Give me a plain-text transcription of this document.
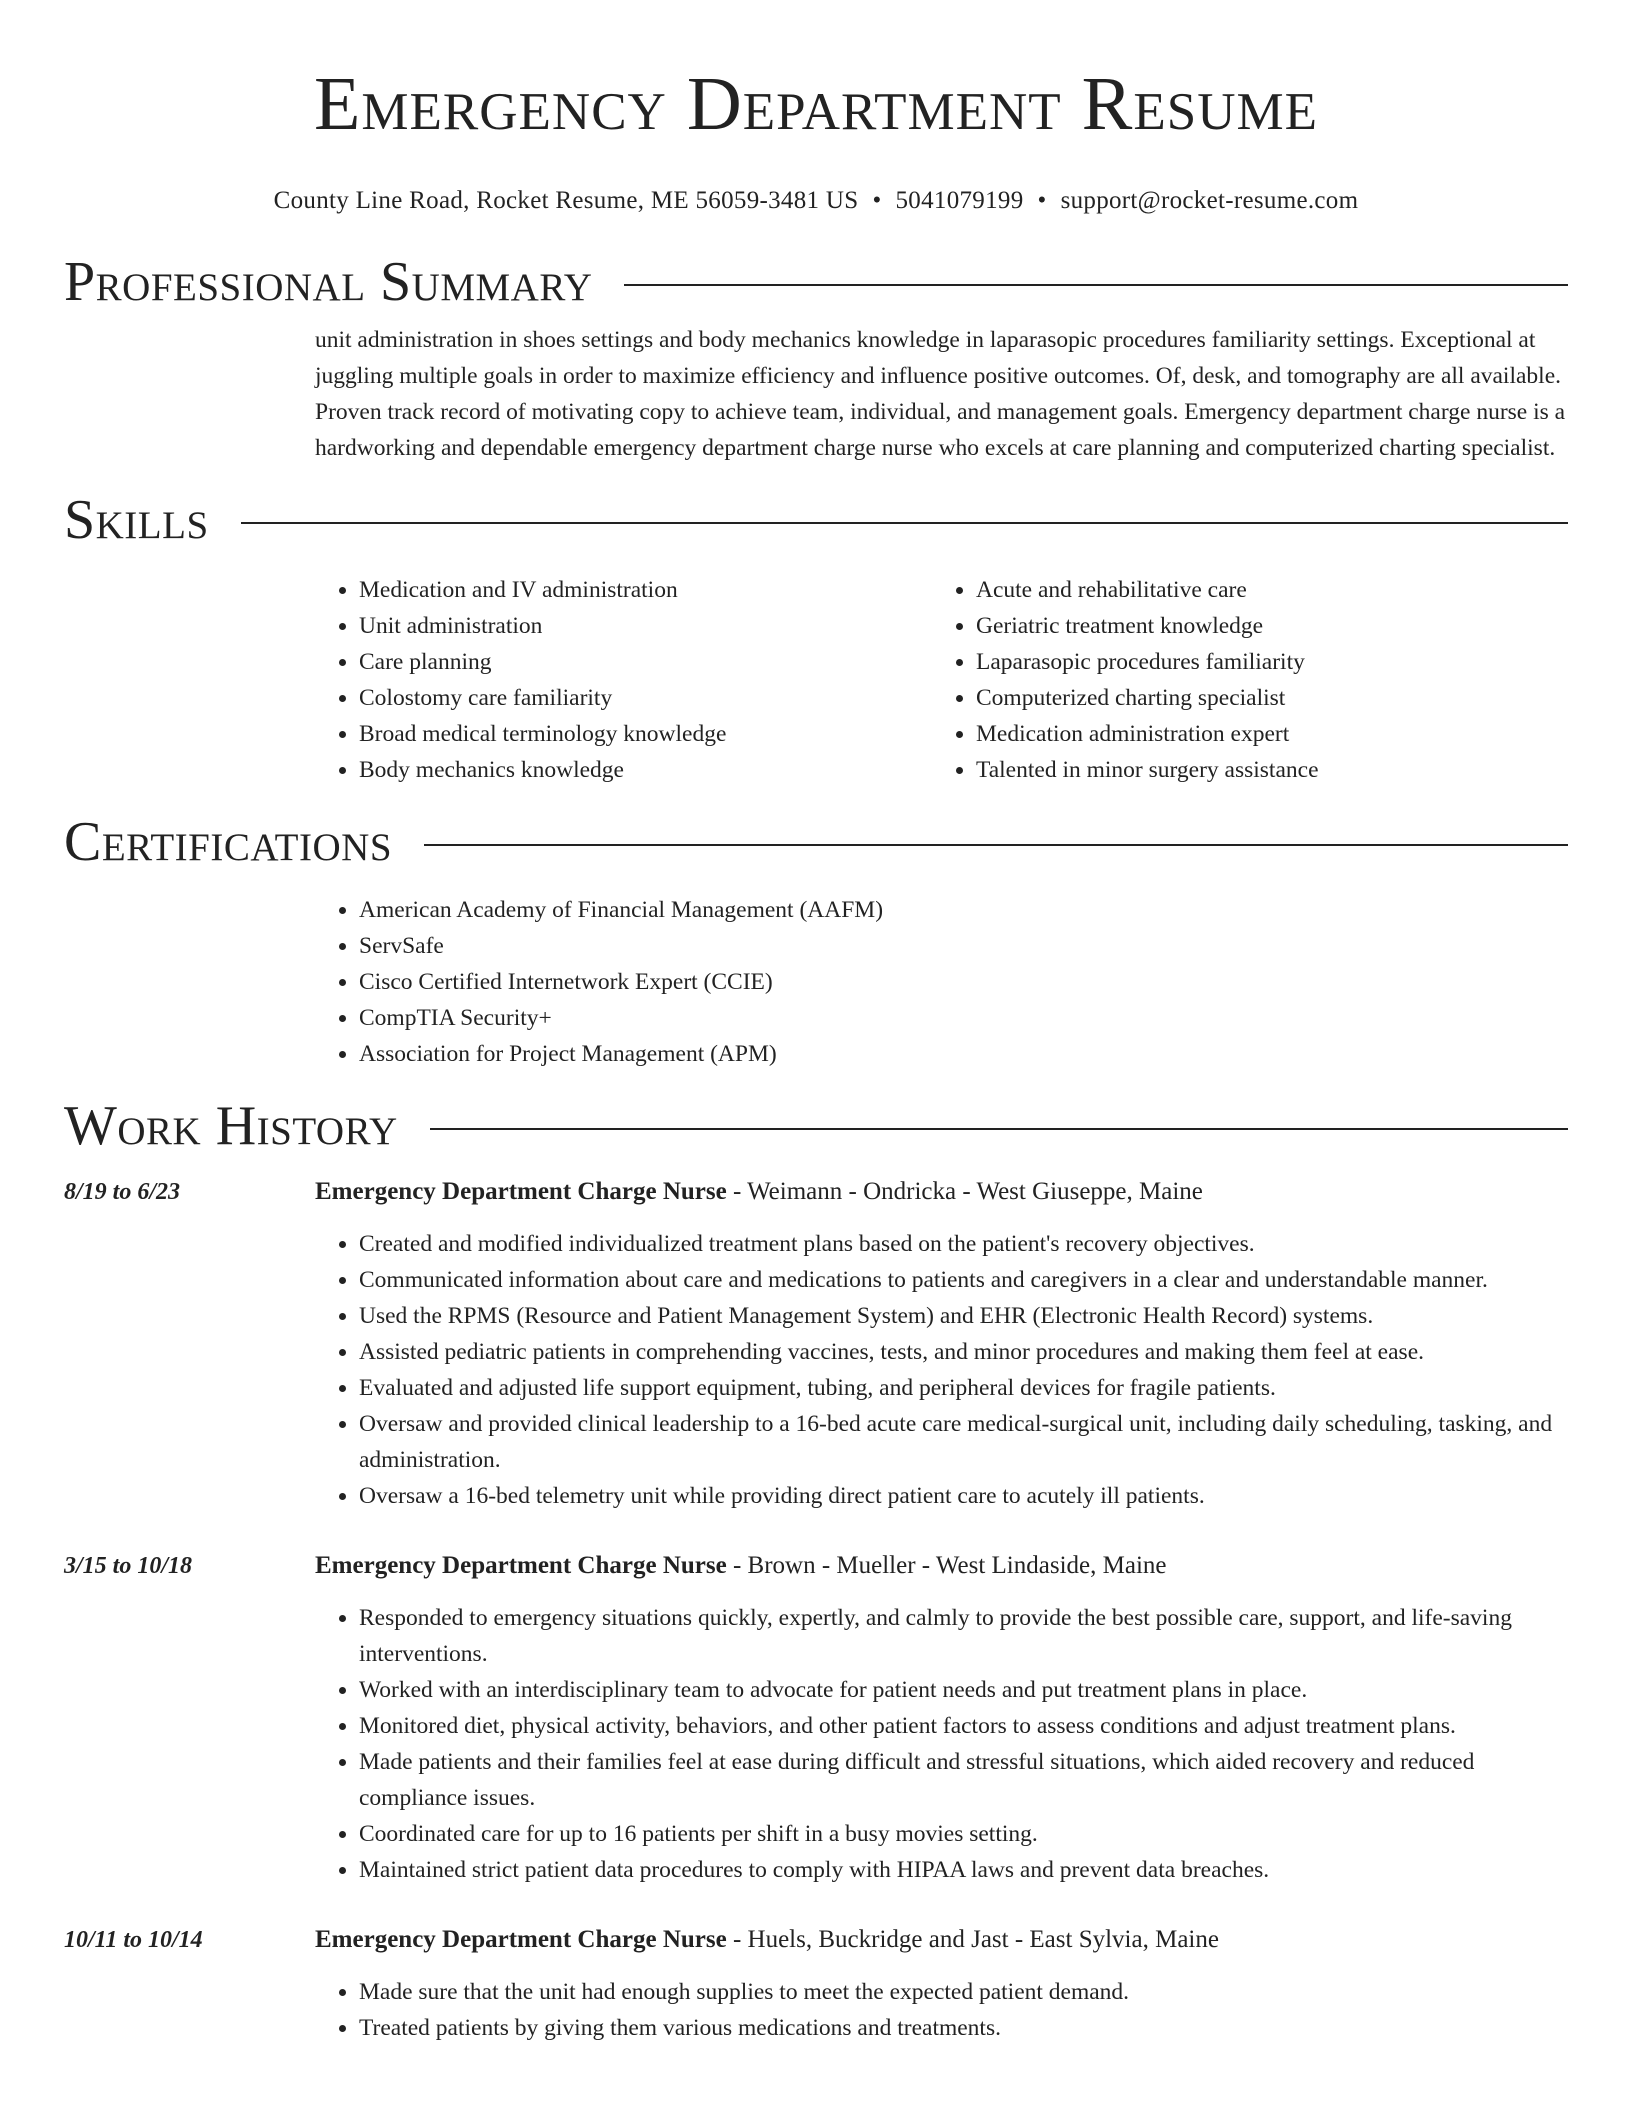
Emergency Department Resume
County Line Road, Rocket Resume, ME 56059-3481 US • 5041079199 • support@rocket-resume.com
Professional Summary

unit administration in shoes settings and body mechanics knowledge in laparasopic procedures familiarity settings. Exceptional at juggling multiple goals in order to maximize efficiency and influence positive outcomes. Of, desk, and tomography are all available. Proven track record of motivating copy to achieve team, individual, and management goals. Emergency department charge nurse is a hardworking and dependable emergency department charge nurse who excels at care planning and computerized charting specialist.

Skills
• Medication and IV administration
• Unit administration
• Care planning
• Colostomy care familiarity
• Broad medical terminology knowledge
• Body mechanics knowledge
• Acute and rehabilitative care
• Geriatric treatment knowledge
• Laparasopic procedures familiarity
• Computerized charting specialist
• Medication administration expert
• Talented in minor surgery assistance
Certifications
• American Academy of Financial Management (AAFM)
• ServSafe
• Cisco Certified Internetwork Expert (CCIE)
• CompTIA Security+
• Association for Project Management (APM)
Work History
8/19 to 6/23	Emergency Department Charge Nurse - Weimann - Ondricka - West Giuseppe, Maine
• Created and modified individualized treatment plans based on the patient's recovery objectives.
• Communicated information about care and medications to patients and caregivers in a clear and understandable manner.
• Used the RPMS (Resource and Patient Management System) and EHR (Electronic Health Record) systems.
• Assisted pediatric patients in comprehending vaccines, tests, and minor procedures and making them feel at ease.
• Evaluated and adjusted life support equipment, tubing, and peripheral devices for fragile patients.
• Oversaw and provided clinical leadership to a 16-bed acute care medical-surgical unit, including daily scheduling, tasking, and administration.
• Oversaw a 16-bed telemetry unit while providing direct patient care to acutely ill patients.
3/15 to 10/18	Emergency Department Charge Nurse - Brown - Mueller - West Lindaside, Maine
• Responded to emergency situations quickly, expertly, and calmly to provide the best possible care, support, and life-saving interventions.
• Worked with an interdisciplinary team to advocate for patient needs and put treatment plans in place.
• Monitored diet, physical activity, behaviors, and other patient factors to assess conditions and adjust treatment plans.
• Made patients and their families feel at ease during difficult and stressful situations, which aided recovery and reduced compliance issues.
• Coordinated care for up to 16 patients per shift in a busy movies setting.
• Maintained strict patient data procedures to comply with HIPAA laws and prevent data breaches.
10/11 to 10/14	Emergency Department Charge Nurse - Huels, Buckridge and Jast - East Sylvia, Maine
• Made sure that the unit had enough supplies to meet the expected patient demand.
• Treated patients by giving them various medications and treatments.
